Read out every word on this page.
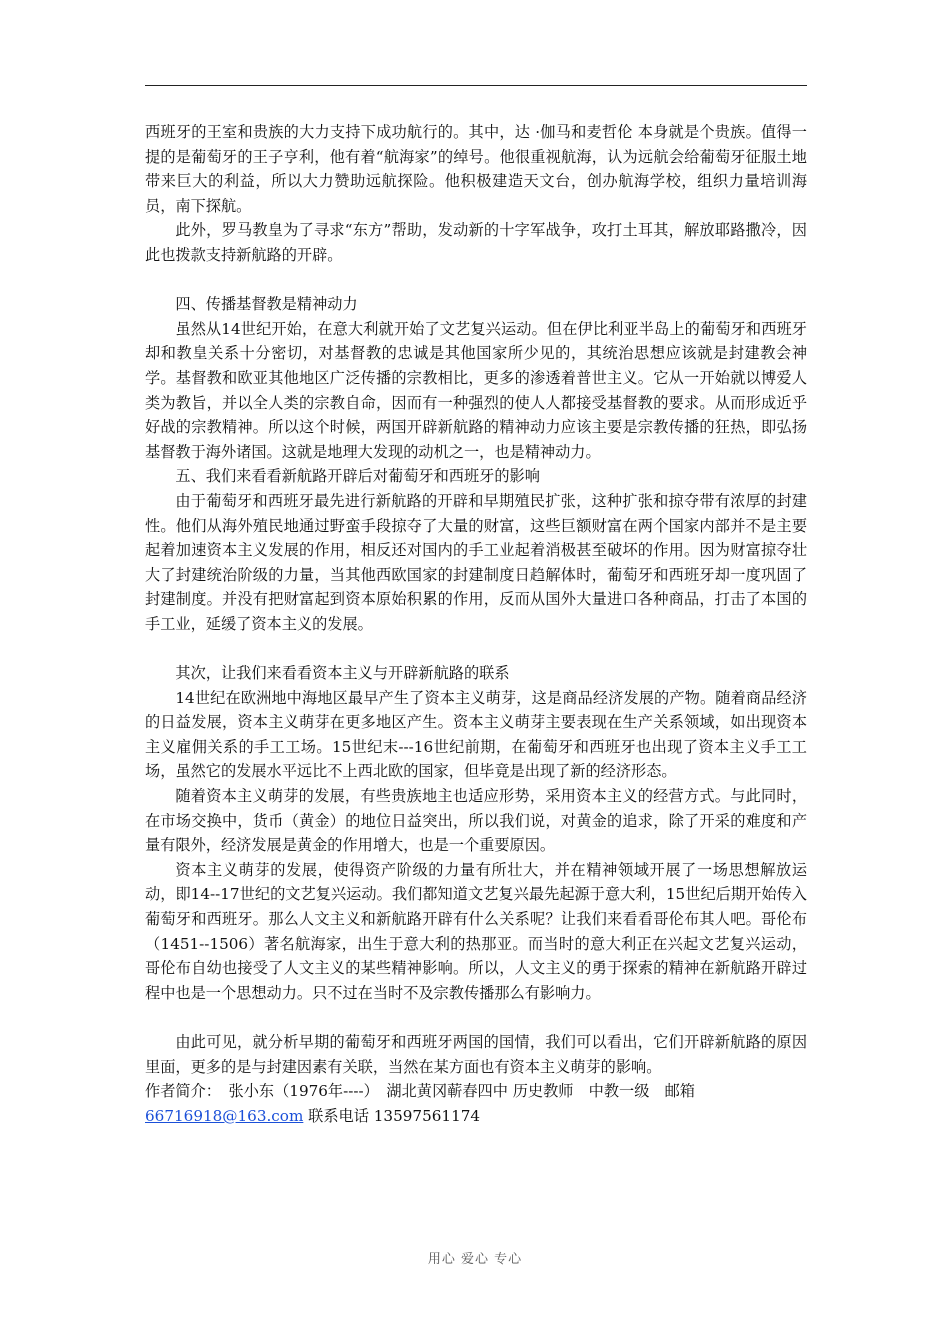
西班牙的王室和贵族的大力支持下成功航行的。其中，达 ·伽马和麦哲伦 本身就是个贵族。值得一提的是葡萄牙的王子亨利，他有着“航海家”的绰号。他很重视航海，认为远航会给葡萄牙征服土地带来巨大的利益，所以大力赞助远航探险。他积极建造天文台，创办航海学校，组织力量培训海员，南下探航。

此外，罗马教皇为了寻求“东方”帮助，发动新的十字军战争，攻打土耳其，解放耶路撒冷，因此也拨款支持新航路的开辟。

四、传播基督教是精神动力

虽然从14世纪开始，在意大利就开始了文艺复兴运动。但在伊比利亚半岛上的葡萄牙和西班牙却和教皇关系十分密切，对基督教的忠诚是其他国家所少见的，其统治思想应该就是封建教会神学。基督教和欧亚其他地区广泛传播的宗教相比，更多的渗透着普世主义。它从一开始就以博爱人类为教旨，并以全人类的宗教自命，因而有一种强烈的使人人都接受基督教的要求。从而形成近乎好战的宗教精神。所以这个时候，两国开辟新航路的精神动力应该主要是宗教传播的狂热，即弘扬基督教于海外诸国。这就是地理大发现的动机之一，也是精神动力。

五、我们来看看新航路开辟后对葡萄牙和西班牙的影响

由于葡萄牙和西班牙最先进行新航路的开辟和早期殖民扩张，这种扩张和掠夺带有浓厚的封建性。他们从海外殖民地通过野蛮手段掠夺了大量的财富，这些巨额财富在两个国家内部并不是主要起着加速资本主义发展的作用，相反还对国内的手工业起着消极甚至破坏的作用。因为财富掠夺壮大了封建统治阶级的力量，当其他西欧国家的封建制度日趋解体时，葡萄牙和西班牙却一度巩固了封建制度。并没有把财富起到资本原始积累的作用，反而从国外大量进口各种商品，打击了本国的手工业，延缓了资本主义的发展。

其次，让我们来看看资本主义与开辟新航路的联系

14世纪在欧洲地中海地区最早产生了资本主义萌芽，这是商品经济发展的产物。随着商品经济的日益发展，资本主义萌芽在更多地区产生。资本主义萌芽主要表现在生产关系领域，如出现资本主义雇佣关系的手工工场。15世纪末---16世纪前期，在葡萄牙和西班牙也出现了资本主义手工工场，虽然它的发展水平远比不上西北欧的国家，但毕竟是出现了新的经济形态。

随着资本主义萌芽的发展，有些贵族地主也适应形势，采用资本主义的经营方式。与此同时，在市场交换中，货币（黄金）的地位日益突出，所以我们说，对黄金的追求，除了开采的难度和产量有限外，经济发展是黄金的作用增大，也是一个重要原因。

资本主义萌芽的发展，使得资产阶级的力量有所壮大，并在精神领域开展了一场思想解放运动，即14--17世纪的文艺复兴运动。我们都知道文艺复兴最先起源于意大利，15世纪后期开始传入葡萄牙和西班牙。那么人文主义和新航路开辟有什么关系呢？让我们来看看哥伦布其人吧。哥伦布（1451--1506）著名航海家，出生于意大利的热那亚。而当时的意大利正在兴起文艺复兴运动，哥伦布自幼也接受了人文主义的某些精神影响。所以，人文主义的勇于探索的精神在新航路开辟过程中也是一个思想动力。只不过在当时不及宗教传播那么有影响力。

由此可见，就分析早期的葡萄牙和西班牙两国的国情，我们可以看出，它们开辟新航路的原因里面，更多的是与封建因素有关联，当然在某方面也有资本主义萌芽的影响。

作者简介：　张小东（1976年----）　湖北黄冈蕲春四中 历史教师　中教一级　邮箱
66716918@163.com 联系电话 13597561174

用心 爱心 专心
